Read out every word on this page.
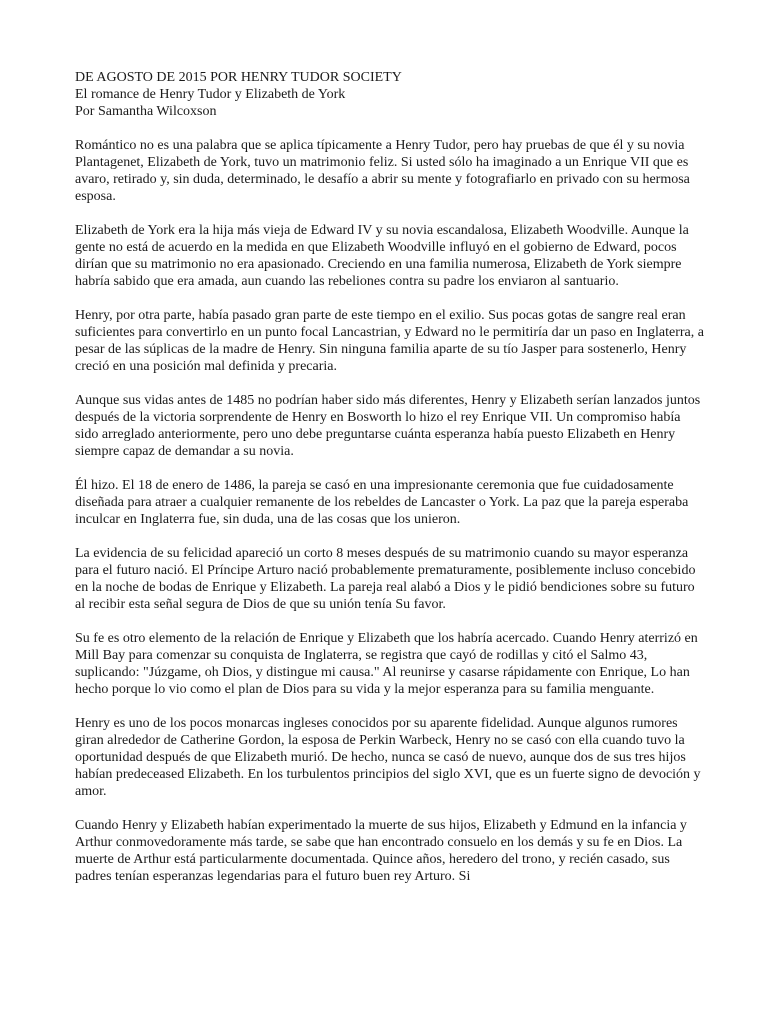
DE AGOSTO DE 2015 POR HENRY TUDOR SOCIETY
El romance de Henry Tudor y Elizabeth de York
Por Samantha Wilcoxson

Romántico no es una palabra que se aplica típicamente a Henry Tudor, pero hay pruebas de que él y su novia Plantagenet, Elizabeth de York, tuvo un matrimonio feliz. Si usted sólo ha imaginado a un Enrique VII que es avaro, retirado y, sin duda, determinado, le desafío a abrir su mente y fotografiarlo en privado con su hermosa esposa.

Elizabeth de York era la hija más vieja de Edward IV y su novia escandalosa, Elizabeth Woodville. Aunque la gente no está de acuerdo en la medida en que Elizabeth Woodville influyó en el gobierno de Edward, pocos dirían que su matrimonio no era apasionado. Creciendo en una familia numerosa, Elizabeth de York siempre habría sabido que era amada, aun cuando las rebeliones contra su padre los enviaron al santuario.

Henry, por otra parte, había pasado gran parte de este tiempo en el exilio. Sus pocas gotas de sangre real eran suficientes para convertirlo en un punto focal Lancastrian, y Edward no le permitiría dar un paso en Inglaterra, a pesar de las súplicas de la madre de Henry. Sin ninguna familia aparte de su tío Jasper para sostenerlo, Henry creció en una posición mal definida y precaria.

Aunque sus vidas antes de 1485 no podrían haber sido más diferentes, Henry y Elizabeth serían lanzados juntos después de la victoria sorprendente de Henry en Bosworth lo hizo el rey Enrique VII. Un compromiso había sido arreglado anteriormente, pero uno debe preguntarse cuánta esperanza había puesto Elizabeth en Henry siempre capaz de demandar a su novia.

Él hizo. El 18 de enero de 1486, la pareja se casó en una impresionante ceremonia que fue cuidadosamente diseñada para atraer a cualquier remanente de los rebeldes de Lancaster o York. La paz que la pareja esperaba inculcar en Inglaterra fue, sin duda, una de las cosas que los unieron.

La evidencia de su felicidad apareció un corto 8 meses después de su matrimonio cuando su mayor esperanza para el futuro nació. El Príncipe Arturo nació probablemente prematuramente, posiblemente incluso concebido en la noche de bodas de Enrique y Elizabeth. La pareja real alabó a Dios y le pidió bendiciones sobre su futuro al recibir esta señal segura de Dios de que su unión tenía Su favor.

Su fe es otro elemento de la relación de Enrique y Elizabeth que los habría acercado. Cuando Henry aterrizó en Mill Bay para comenzar su conquista de Inglaterra, se registra que cayó de rodillas y citó el Salmo 43, suplicando: "Júzgame, oh Dios, y distingue mi causa." Al reunirse y casarse rápidamente con Enrique, Lo han hecho porque lo vio como el plan de Dios para su vida y la mejor esperanza para su familia menguante.

Henry es uno de los pocos monarcas ingleses conocidos por su aparente fidelidad. Aunque algunos rumores giran alrededor de Catherine Gordon, la esposa de Perkin Warbeck, Henry no se casó con ella cuando tuvo la oportunidad después de que Elizabeth murió. De hecho, nunca se casó de nuevo, aunque dos de sus tres hijos habían predeceased Elizabeth. En los turbulentos principios del siglo XVI, que es un fuerte signo de devoción y amor.

Cuando Henry y Elizabeth habían experimentado la muerte de sus hijos, Elizabeth y Edmund en la infancia y Arthur conmovedoramente más tarde, se sabe que han encontrado consuelo en los demás y su fe en Dios. La muerte de Arthur está particularmente documentada. Quince años, heredero del trono, y recién casado, sus padres tenían esperanzas legendarias para el futuro buen rey Arturo. Si
